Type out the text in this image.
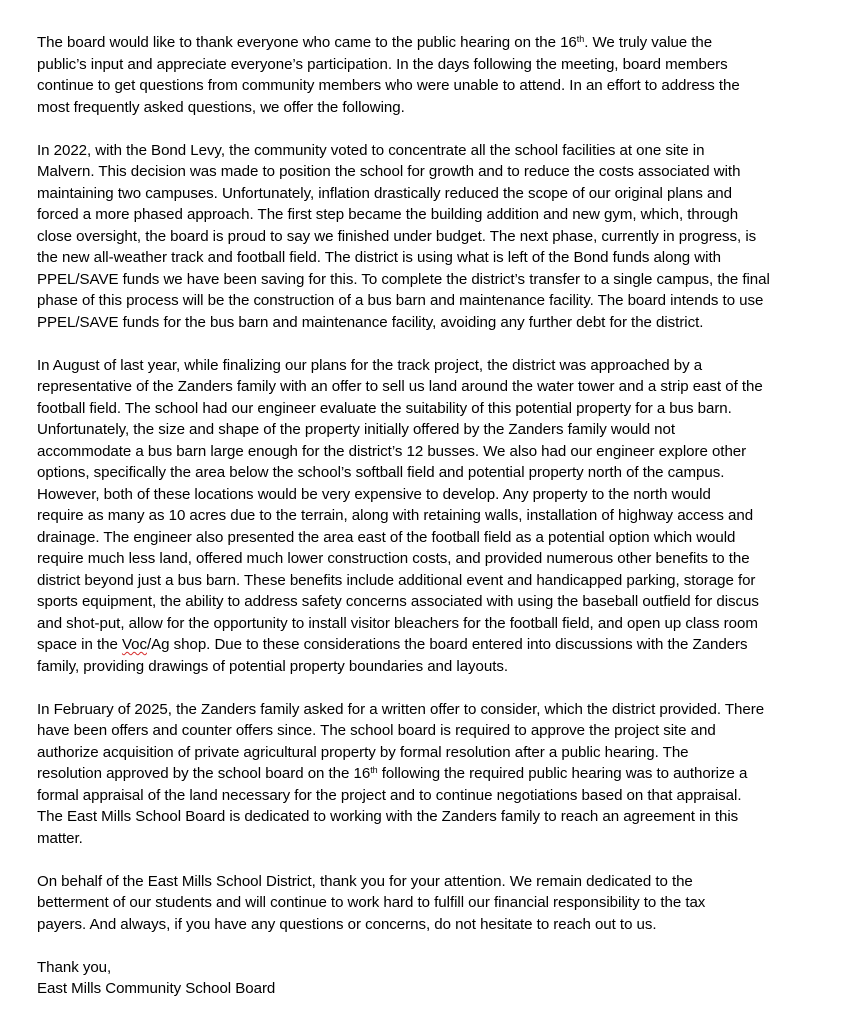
The board would like to thank everyone who came to the public hearing on the 16th. We truly value the
public’s input and appreciate everyone’s participation. In the days following the meeting, board members
continue to get questions from community members who were unable to attend. In an effort to address the
most frequently asked questions, we offer the following.
In 2022, with the Bond Levy, the community voted to concentrate all the school facilities at one site in
Malvern. This decision was made to position the school for growth and to reduce the costs associated with
maintaining two campuses. Unfortunately, inflation drastically reduced the scope of our original plans and
forced a more phased approach. The first step became the building addition and new gym, which, through
close oversight, the board is proud to say we finished under budget. The next phase, currently in progress, is
the new all-weather track and football field. The district is using what is left of the Bond funds along with
PPEL/SAVE funds we have been saving for this. To complete the district’s transfer to a single campus, the final
phase of this process will be the construction of a bus barn and maintenance facility. The board intends to use
PPEL/SAVE funds for the bus barn and maintenance facility, avoiding any further debt for the district.
In August of last year, while finalizing our plans for the track project, the district was approached by a
representative of the Zanders family with an offer to sell us land around the water tower and a strip east of the
football field. The school had our engineer evaluate the suitability of this potential property for a bus barn.
Unfortunately, the size and shape of the property initially offered by the Zanders family would not
accommodate a bus barn large enough for the district’s 12 busses. We also had our engineer explore other
options, specifically the area below the school’s softball field and potential property north of the campus.
However, both of these locations would be very expensive to develop. Any property to the north would
require as many as 10 acres due to the terrain, along with retaining walls, installation of highway access and
drainage. The engineer also presented the area east of the football field as a potential option which would
require much less land, offered much lower construction costs, and provided numerous other benefits to the
district beyond just a bus barn. These benefits include additional event and handicapped parking, storage for
sports equipment, the ability to address safety concerns associated with using the baseball outfield for discus
and shot-put, allow for the opportunity to install visitor bleachers for the football field, and open up class room
space in the Voc/Ag shop. Due to these considerations the board entered into discussions with the Zanders
family, providing drawings of potential property boundaries and layouts.
In February of 2025, the Zanders family asked for a written offer to consider, which the district provided. There
have been offers and counter offers since. The school board is required to approve the project site and
authorize acquisition of private agricultural property by formal resolution after a public hearing. The
resolution approved by the school board on the 16th following the required public hearing was to authorize a
formal appraisal of the land necessary for the project and to continue negotiations based on that appraisal.
The East Mills School Board is dedicated to working with the Zanders family to reach an agreement in this
matter.
On behalf of the East Mills School District, thank you for your attention. We remain dedicated to the
betterment of our students and will continue to work hard to fulfill our financial responsibility to the tax
payers. And always, if you have any questions or concerns, do not hesitate to reach out to us.
Thank you,
East Mills Community School Board
